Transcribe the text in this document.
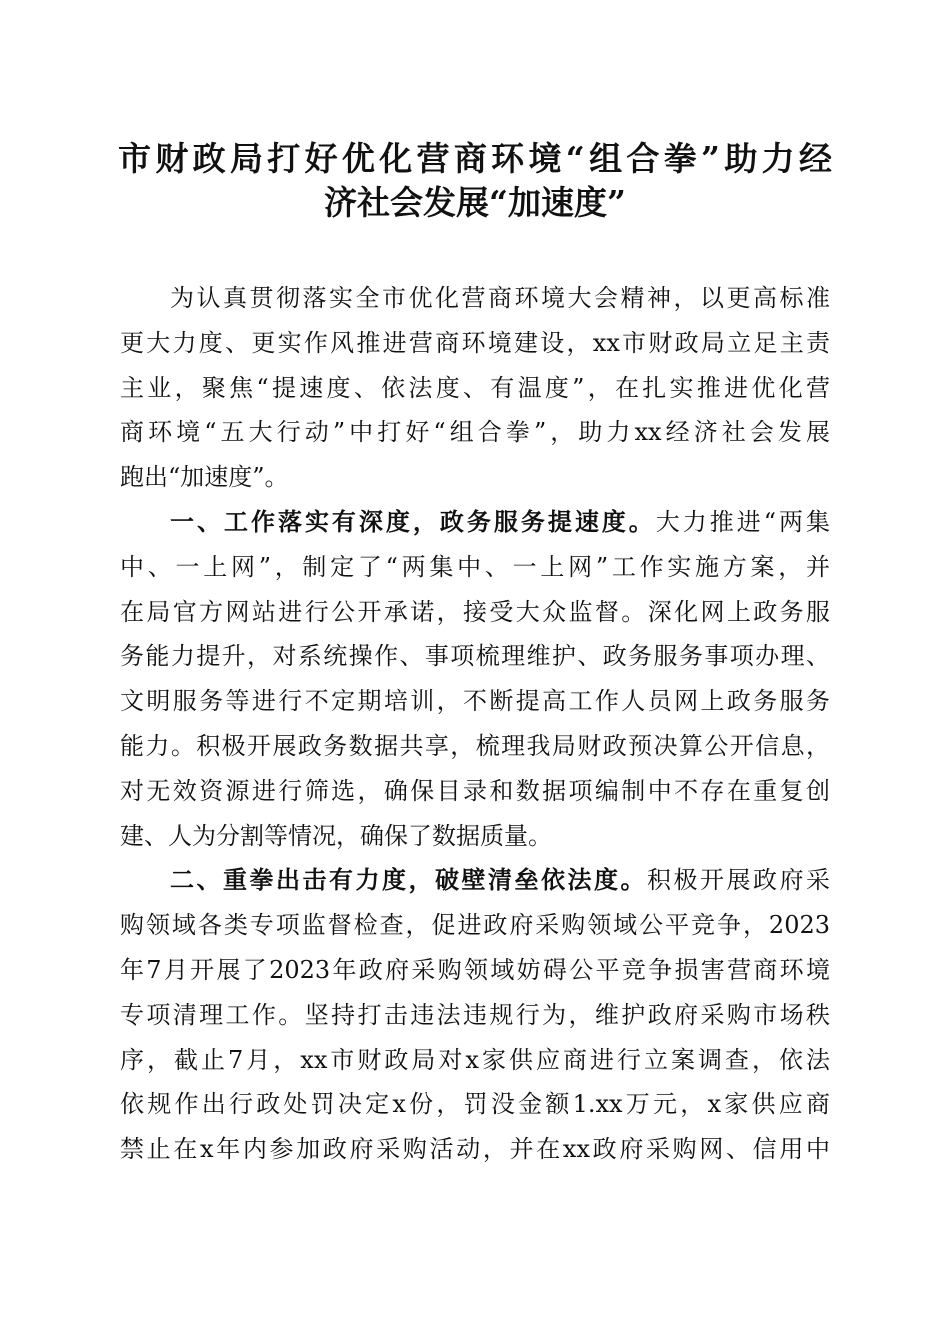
市财政局打好优化营商环境“组合拳”助力经
济社会发展“加速度”
为认真贯彻落实全市优化营商环境大会精神，以更高标准
更大力度、更实作风推进营商环境建设，xx市财政局立足主责
主业，聚焦“提速度、依法度、有温度”，在扎实推进优化营
商环境“五大行动”中打好“组合拳”，助力xx经济社会发展
跑出“加速度”。
一、工作落实有深度，政务服务提速度。大力推进“两集
中、一上网”，制定了“两集中、一上网”工作实施方案，并
在局官方网站进行公开承诺，接受大众监督。深化网上政务服
务能力提升，对系统操作、事项梳理维护、政务服务事项办理、
文明服务等进行不定期培训，不断提高工作人员网上政务服务
能力。积极开展政务数据共享，梳理我局财政预决算公开信息，
对无效资源进行筛选，确保目录和数据项编制中不存在重复创
建、人为分割等情况，确保了数据质量。
二、重拳出击有力度，破壁清垒依法度。积极开展政府采
购领域各类专项监督检查，促进政府采购领域公平竞争，2023
年7月开展了2023年政府采购领域妨碍公平竞争损害营商环境
专项清理工作。坚持打击违法违规行为，维护政府采购市场秩
序，截止7月，xx市财政局对x家供应商进行立案调查，依法
依规作出行政处罚决定x份，罚没金额1.xx万元，x家供应商
禁止在x年内参加政府采购活动，并在xx政府采购网、信用中
